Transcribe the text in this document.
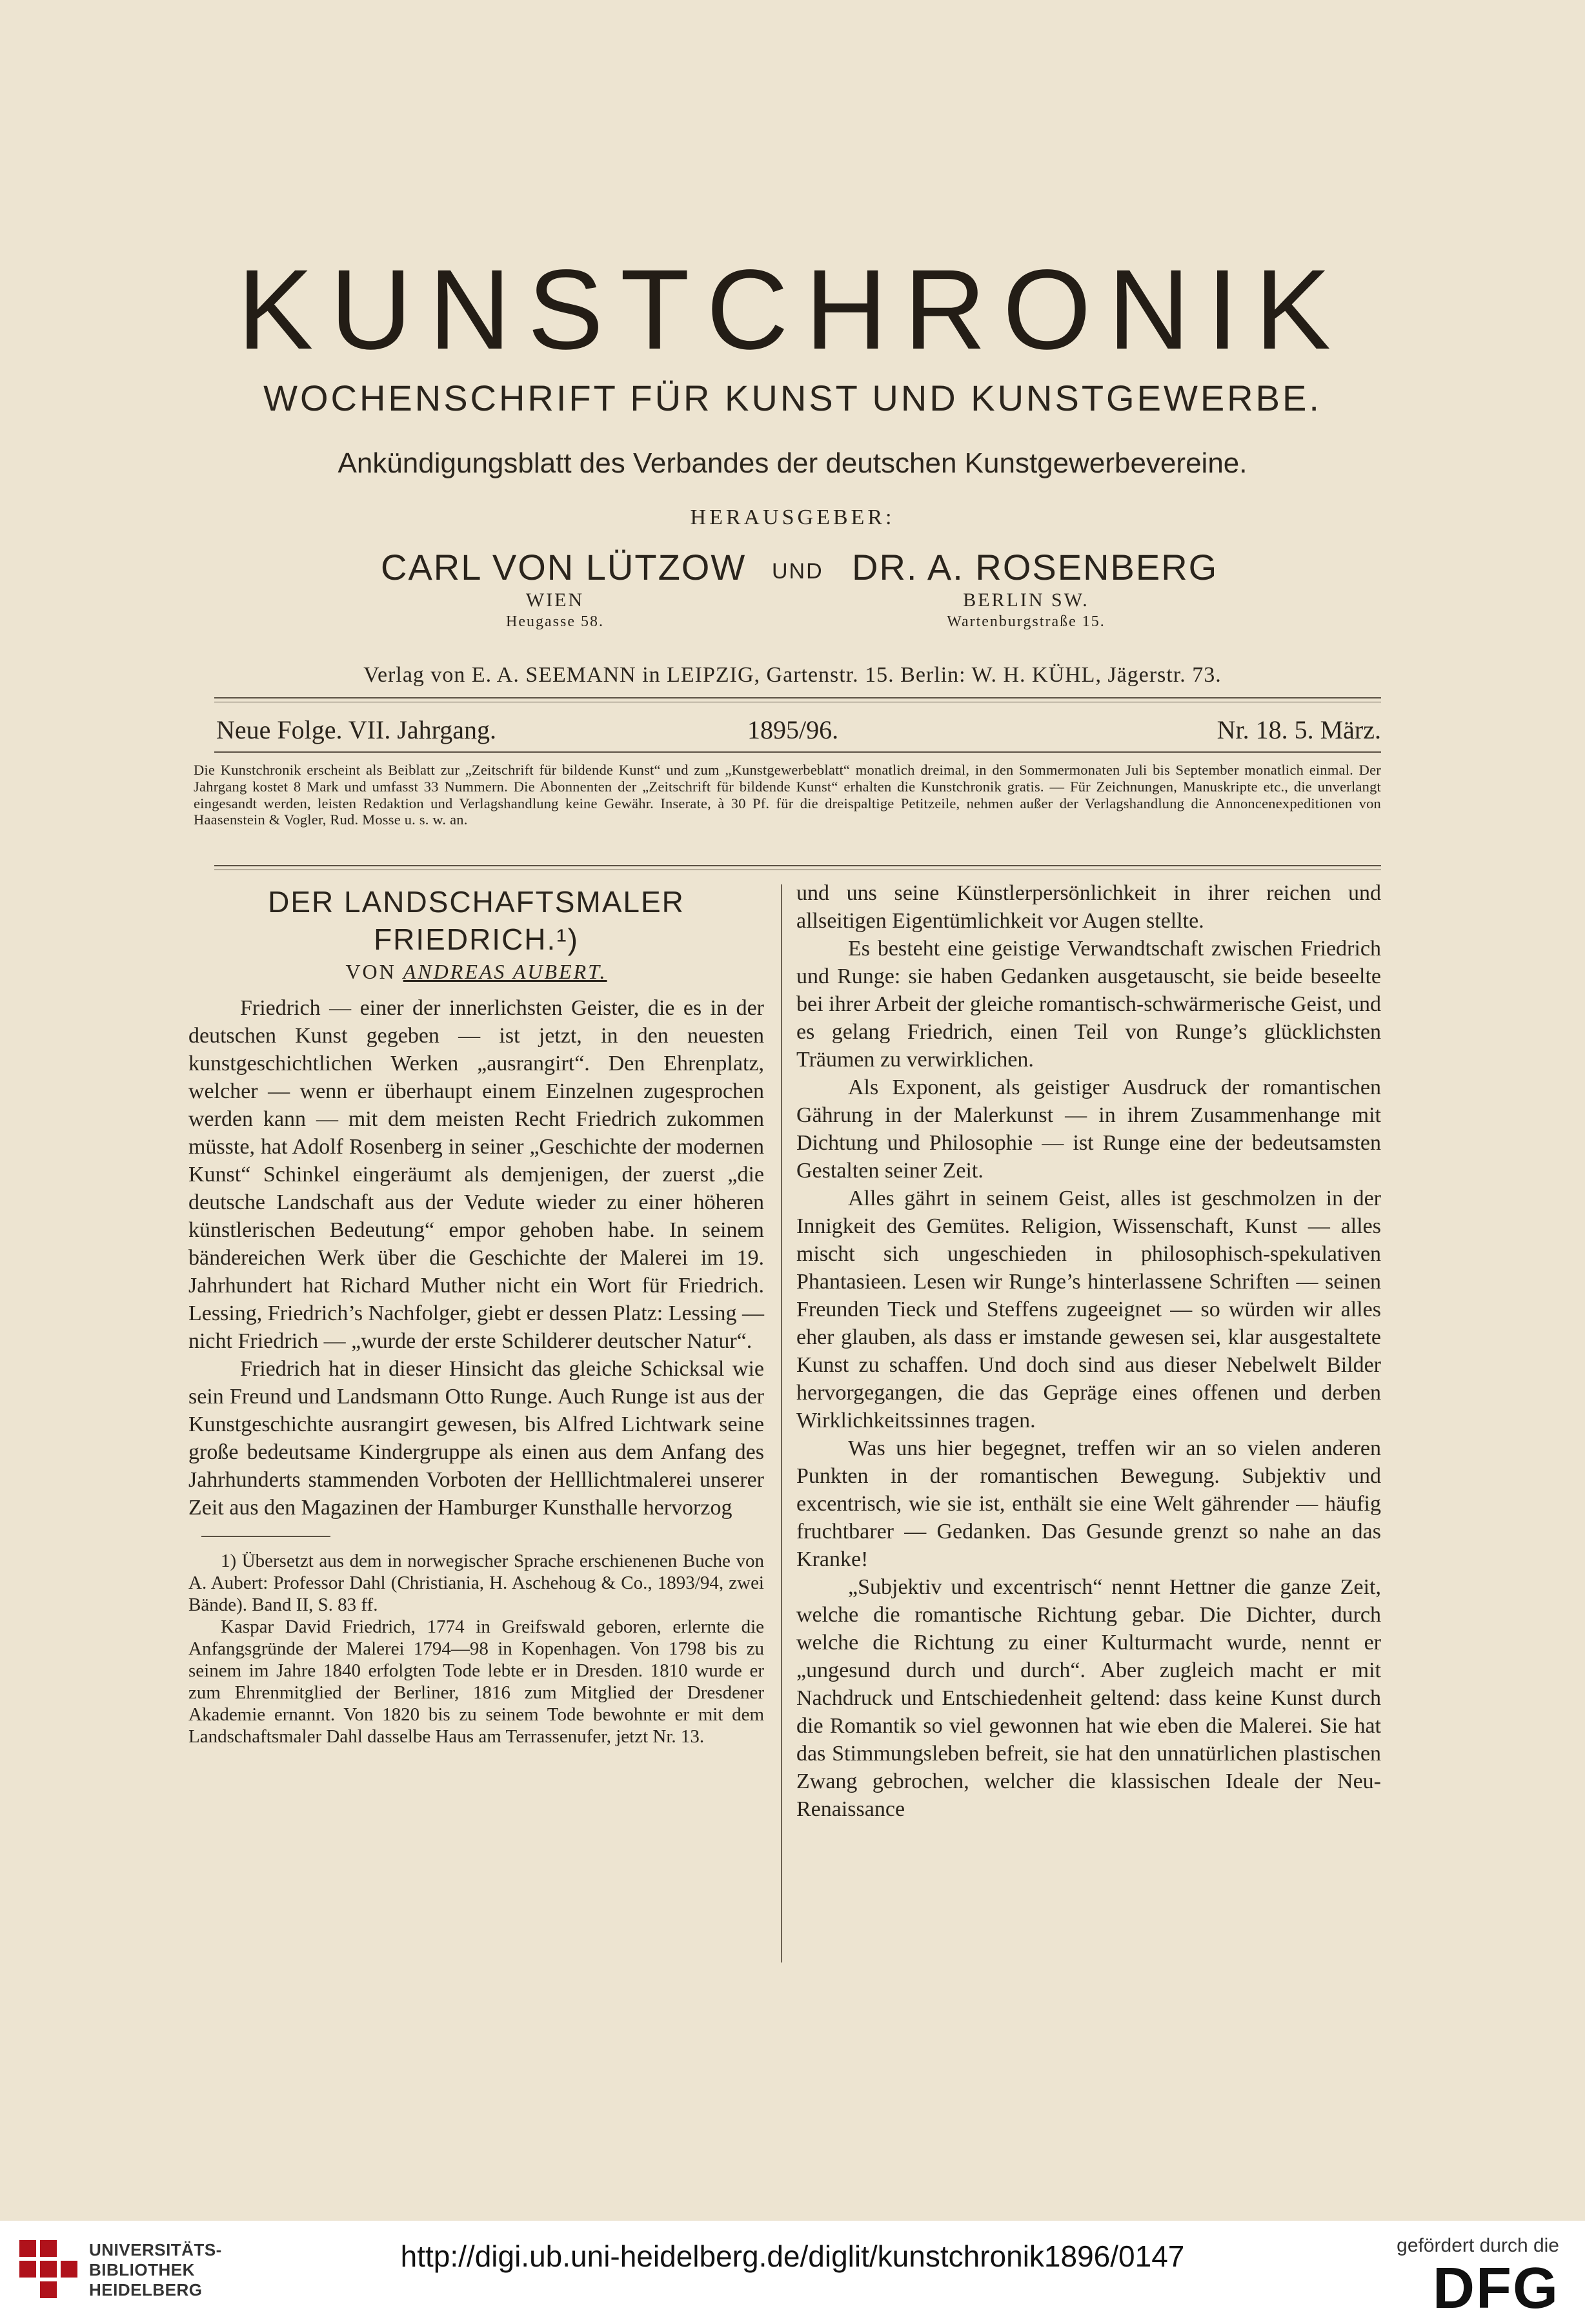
KUNSTCHRONIK
WOCHENSCHRIFT FÜR KUNST UND KUNSTGEWERBE.
Ankündigungsblatt des Verbandes der deutschen Kunstgewerbevereine.
HERAUSGEBER:
CARL VON LÜTZOW
WIEN
Heugasse 58.
UND DR. A. ROSENBERG
BERLIN SW.
Wartenburgstraße 15.
Verlag von E. A. SEEMANN in LEIPZIG, Gartenstr. 15. Berlin: W. H. KÜHL, Jägerstr. 73.
Neue Folge. VII. Jahrgang.	1895/96.	Nr. 18. 5. März.
Die Kunstchronik erscheint als Beiblatt zur „Zeitschrift für bildende Kunst“ und zum „Kunstgewerbeblatt“ monatlich dreimal, in den Sommermonaten Juli bis September monatlich einmal. Der Jahrgang kostet 8 Mark und umfasst 33 Nummern. Die Abonnenten der „Zeitschrift für bildende Kunst“ erhalten die Kunstchronik gratis. — Für Zeichnungen, Manuskripte etc., die unverlangt eingesandt werden, leisten Redaktion und Verlagshandlung keine Gewähr. Inserate, à 30 Pf. für die dreispaltige Petitzeile, nehmen außer der Verlagshandlung die Annoncenexpeditionen von Haasenstein & Vogler, Rud. Mosse u. s. w. an.
DER LANDSCHAFTSMALER FRIEDRICH.¹)
VON ANDREAS AUBERT.

Friedrich — einer der innerlichsten Geister, die es in der deutschen Kunst gegeben — ist jetzt, in den neuesten kunstgeschichtlichen Werken „ausrangirt“. Den Ehrenplatz, welcher — wenn er überhaupt einem Einzelnen zugesprochen werden kann — mit dem meisten Recht Friedrich zukommen müsste, hat Adolf Rosenberg in seiner „Geschichte der modernen Kunst“ Schinkel eingeräumt als demjenigen, der zuerst „die deutsche Landschaft aus der Vedute wieder zu einer höheren künstlerischen Bedeutung“ empor gehoben habe. In seinem bändereichen Werk über die Geschichte der Malerei im 19. Jahrhundert hat Richard Muther nicht ein Wort für Friedrich. Lessing, Friedrich’s Nachfolger, giebt er dessen Platz: Lessing — nicht Friedrich — „wurde der erste Schilderer deutscher Natur“.

Friedrich hat in dieser Hinsicht das gleiche Schicksal wie sein Freund und Landsmann Otto Runge. Auch Runge ist aus der Kunstgeschichte ausrangirt gewesen, bis Alfred Lichtwark seine große bedeutsame Kindergruppe als einen aus dem Anfang des Jahrhunderts stammenden Vorboten der Helllichtmalerei unserer Zeit aus den Magazinen der Hamburger Kunsthalle hervorzog

1) Übersetzt aus dem in norwegischer Sprache erschienenen Buche von A. Aubert: Professor Dahl (Christiania, H. Aschehoug & Co., 1893/94, zwei Bände). Band II, S. 83 ff.

Kaspar David Friedrich, 1774 in Greifswald geboren, erlernte die Anfangsgründe der Malerei 1794—98 in Kopenhagen. Von 1798 bis zu seinem im Jahre 1840 erfolgten Tode lebte er in Dresden. 1810 wurde er zum Ehrenmitglied der Berliner, 1816 zum Mitglied der Dresdener Akademie ernannt. Von 1820 bis zu seinem Tode bewohnte er mit dem Landschaftsmaler Dahl dasselbe Haus am Terrassenufer, jetzt Nr. 13.

und uns seine Künstlerpersönlichkeit in ihrer reichen und allseitigen Eigentümlichkeit vor Augen stellte.

Es besteht eine geistige Verwandtschaft zwischen Friedrich und Runge: sie haben Gedanken ausgetauscht, sie beide beseelte bei ihrer Arbeit der gleiche romantisch-schwärmerische Geist, und es gelang Friedrich, einen Teil von Runge’s glücklichsten Träumen zu verwirklichen.

Als Exponent, als geistiger Ausdruck der romantischen Gährung in der Malerkunst — in ihrem Zusammenhange mit Dichtung und Philosophie — ist Runge eine der bedeutsamsten Gestalten seiner Zeit.

Alles gährt in seinem Geist, alles ist geschmolzen in der Innigkeit des Gemütes. Religion, Wissenschaft, Kunst — alles mischt sich ungeschieden in philosophisch-spekulativen Phantasieen. Lesen wir Runge’s hinterlassene Schriften — seinen Freunden Tieck und Steffens zugeeignet — so würden wir alles eher glauben, als dass er imstande gewesen sei, klar ausgestaltete Kunst zu schaffen. Und doch sind aus dieser Nebelwelt Bilder hervorgegangen, die das Gepräge eines offenen und derben Wirklichkeitssinnes tragen.

Was uns hier begegnet, treffen wir an so vielen anderen Punkten in der romantischen Bewegung. Subjektiv und excentrisch, wie sie ist, enthält sie eine Welt gährender — häufig fruchtbarer — Gedanken. Das Gesunde grenzt so nahe an das Kranke!

„Subjektiv und excentrisch“ nennt Hettner die ganze Zeit, welche die romantische Richtung gebar. Die Dichter, durch welche die Richtung zu einer Kulturmacht wurde, nennt er „ungesund durch und durch“. Aber zugleich macht er mit Nachdruck und Entschiedenheit geltend: dass keine Kunst durch die Romantik so viel gewonnen hat wie eben die Malerei. Sie hat das Stimmungsleben befreit, sie hat den unnatürlichen plastischen Zwang gebrochen, welcher die klassischen Ideale der Neu-Renaissance

UNIVERSITÄTS-
BIBLIOTHEK
HEIDELBERG
http://digi.ub.uni-heidelberg.de/diglit/kunstchronik1896/0147	gefördert durch die
DFG
